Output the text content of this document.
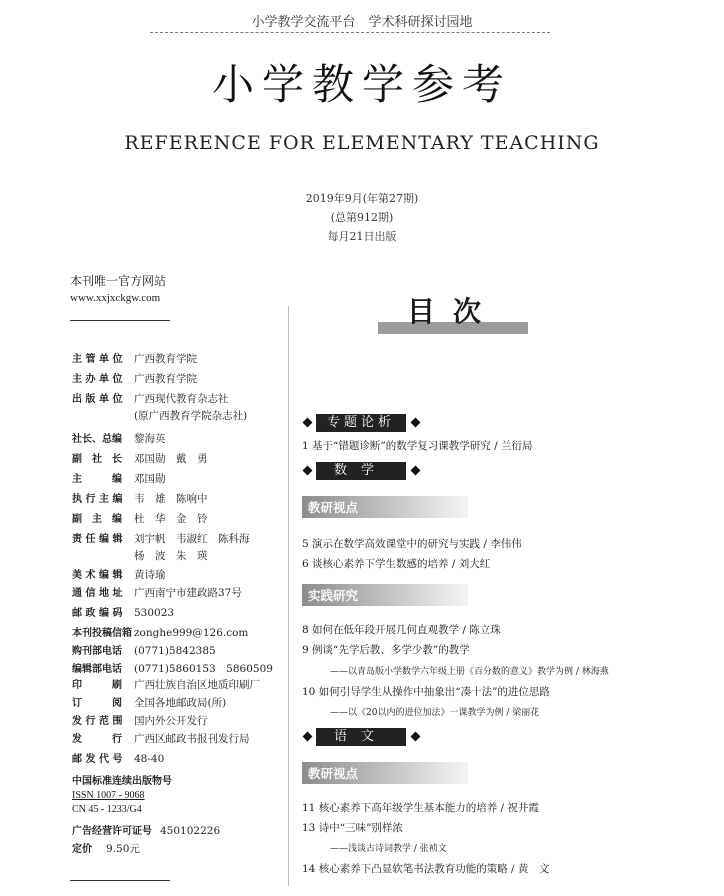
小学教学交流平台　学术科研探讨园地
小学教学参考
REFERENCE FOR ELEMENTARY TEACHING
2019年9月(年第27期)
(总第912期)
每月21日出版
本刊唯一官方网站
www.xxjxckgw.com
主 管 单 位 广西教育学院
主 办 单 位 广西教育学院
出 版 单 位 广西现代教育杂志社
(原广西教育学院杂志社)
社长、总编 黎海英
副　社　长 邓国勋　戴　勇
主　　　编 邓国勋
执 行 主 编 韦　雄　陈响中
副　主　编 杜　华　金　铃
责 任 编 辑 刘宇帆　韦淑红　陈科海
杨　波　朱　瑛
美 术 编 辑 黄诗瑜
通 信 地 址 广西南宁市建政路37号
邮 政 编 码 530023
本刊投稿信箱 zonghe999@126.com
购刊部电话 (0771)5842385
编辑部电话 (0771)5860153　5860509
印　　　刷 广西壮族自治区地质印刷厂
订　　　阅 全国各地邮政局(所)
发 行 范 围 国内外公开发行
发　　　行 广西区邮政书报刊发行局
邮 发 代 号 48-40
中国标准连续出版物号
ISSN 1007 - 9068
CN 45 - 1233/G4
广告经营许可证号 450102226
定价 9.50元
目次
专题论析
1 基于“错题诊断”的数学复习课教学研究 / 兰衍局
数学
教研视点
5 演示在数学高效课堂中的研究与实践 / 李伟伟
6 谈核心素养下学生数感的培养 / 刘大红
实践研究
8 如何在低年段开展几何直观教学 / 陈立珠
9 例谈“先学后教、多学少教”的教学
——以青岛版小学数学六年级上册《百分数的意义》教学为例 / 林海燕
10 如何引导学生从操作中抽象出“凑十法”的进位思路
——以《20以内的进位加法》一课教学为例 / 梁丽花
语文
教研视点
11 核心素养下高年级学生基本能力的培养 / 祝井霞
13 诗中“三味”别样浓
——浅谈古诗词教学 / 张祯文
14 核心素养下凸显软笔书法教育功能的策略 / 黄　文
